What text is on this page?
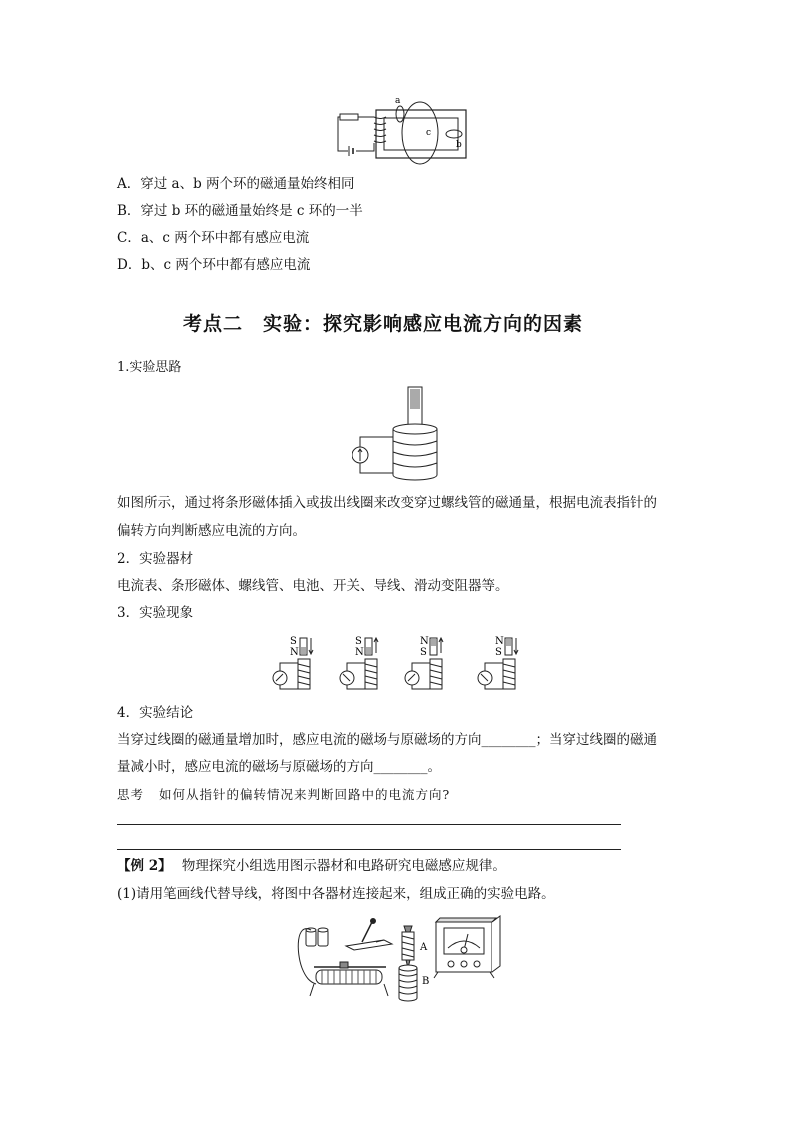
a
c
b
A．穿过 a、b 两个环的磁通量始终相同
B．穿过 b 环的磁通量始终是 c 环的一半
C．a、c 两个环中都有感应电流
D．b、c 两个环中都有感应电流
考点二　实验：探究影响感应电流方向的因素
1.实验思路
如图所示，通过将条形磁体插入或拔出线圈来改变穿过螺线管的磁通量，根据电流表指针的
偏转方向判断感应电流的方向。
2．实验器材
电流表、条形磁体、螺线管、电池、开关、导线、滑动变阻器等。
3．实验现象
S
N
S
N
N
S
N
S
4．实验结论
当穿过线圈的磁通量增加时，感应电流的磁场与原磁场的方向________；当穿过线圈的磁通
量减小时，感应电流的磁场与原磁场的方向________。
思考 如何从指针的偏转情况来判断回路中的电流方向?
【例 2】 物理探究小组选用图示器材和电路研究电磁感应规律。
(1)请用笔画线代替导线，将图中各器材连接起来，组成正确的实验电路。
A
B
